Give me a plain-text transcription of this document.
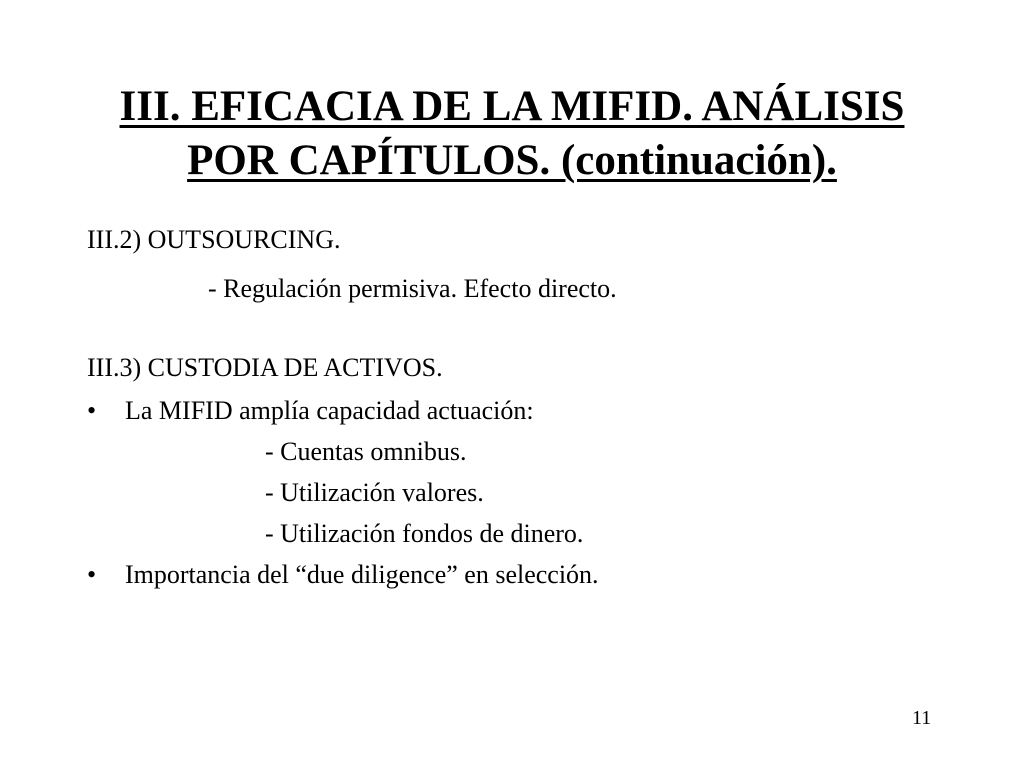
III. EFICACIA DE LA MIFID. ANÁLISIS
POR CAPÍTULOS. (continuación).
III.2) OUTSOURCING.
- Regulación permisiva. Efecto directo.
III.3) CUSTODIA DE ACTIVOS.
• La MIFID amplía capacidad actuación:
- Cuentas omnibus.
- Utilización valores.
- Utilización fondos de dinero.
• Importancia del “due diligence” en selección.
11
